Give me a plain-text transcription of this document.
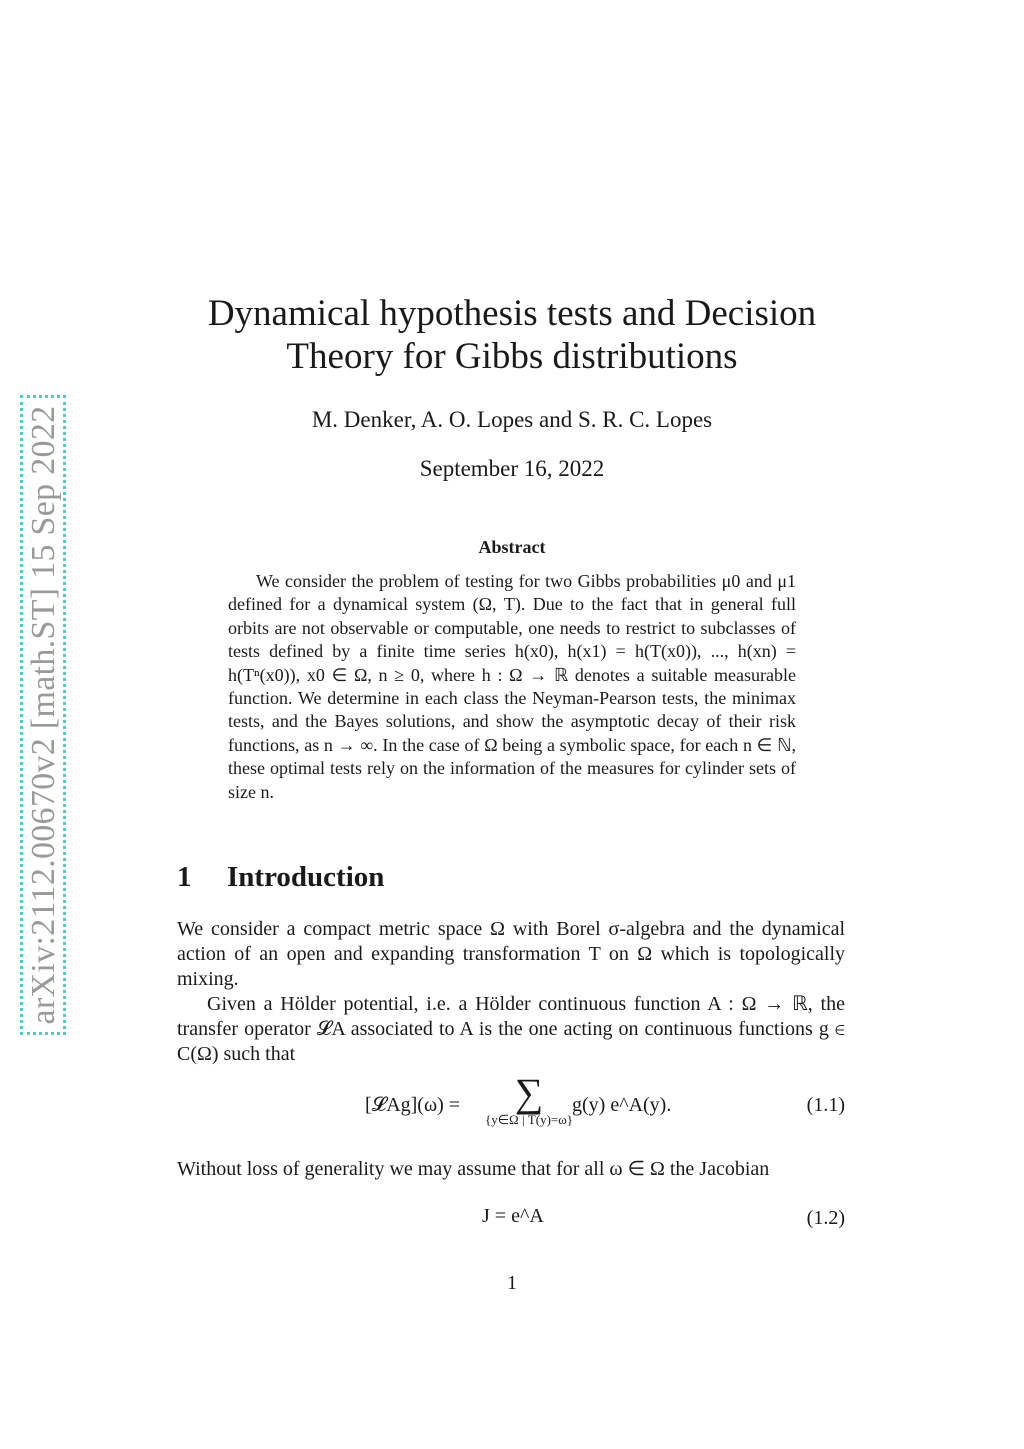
arXiv:2112.00670v2 [math.ST] 15 Sep 2022
Dynamical hypothesis tests and Decision Theory for Gibbs distributions
M. Denker, A. O. Lopes and S. R. C. Lopes
September 16, 2022
Abstract

We consider the problem of testing for two Gibbs probabilities μ0 and μ1 defined for a dynamical system (Ω, T). Due to the fact that in general full orbits are not observable or computable, one needs to restrict to subclasses of tests defined by a finite time series h(x0), h(x1) = h(T(x0)), ..., h(xn) = h(Tⁿ(x0)), x0 ∈ Ω, n ≥ 0, where h : Ω → ℝ denotes a suitable measurable function. We determine in each class the Neyman-Pearson tests, the minimax tests, and the Bayes solutions, and show the asymptotic decay of their risk functions, as n → ∞. In the case of Ω being a symbolic space, for each n ∈ ℕ, these optimal tests rely on the information of the measures for cylinder sets of size n.

1 Introduction

We consider a compact metric space Ω with Borel σ-algebra and the dynamical action of an open and expanding transformation T on Ω which is topologically mixing.

Given a Hölder potential, i.e. a Hölder continuous function A : Ω → ℝ, the transfer operator 𝓛A associated to A is the one acting on continuous functions g ∈ C(Ω) such that

[𝓛Ag](ω) =	∑
{y∈Ω | T(y)=ω}
g(y) e^A(y).	(1.1)

Without loss of generality we may assume that for all ω ∈ Ω the Jacobian

J = e^A	(1.2)
1
